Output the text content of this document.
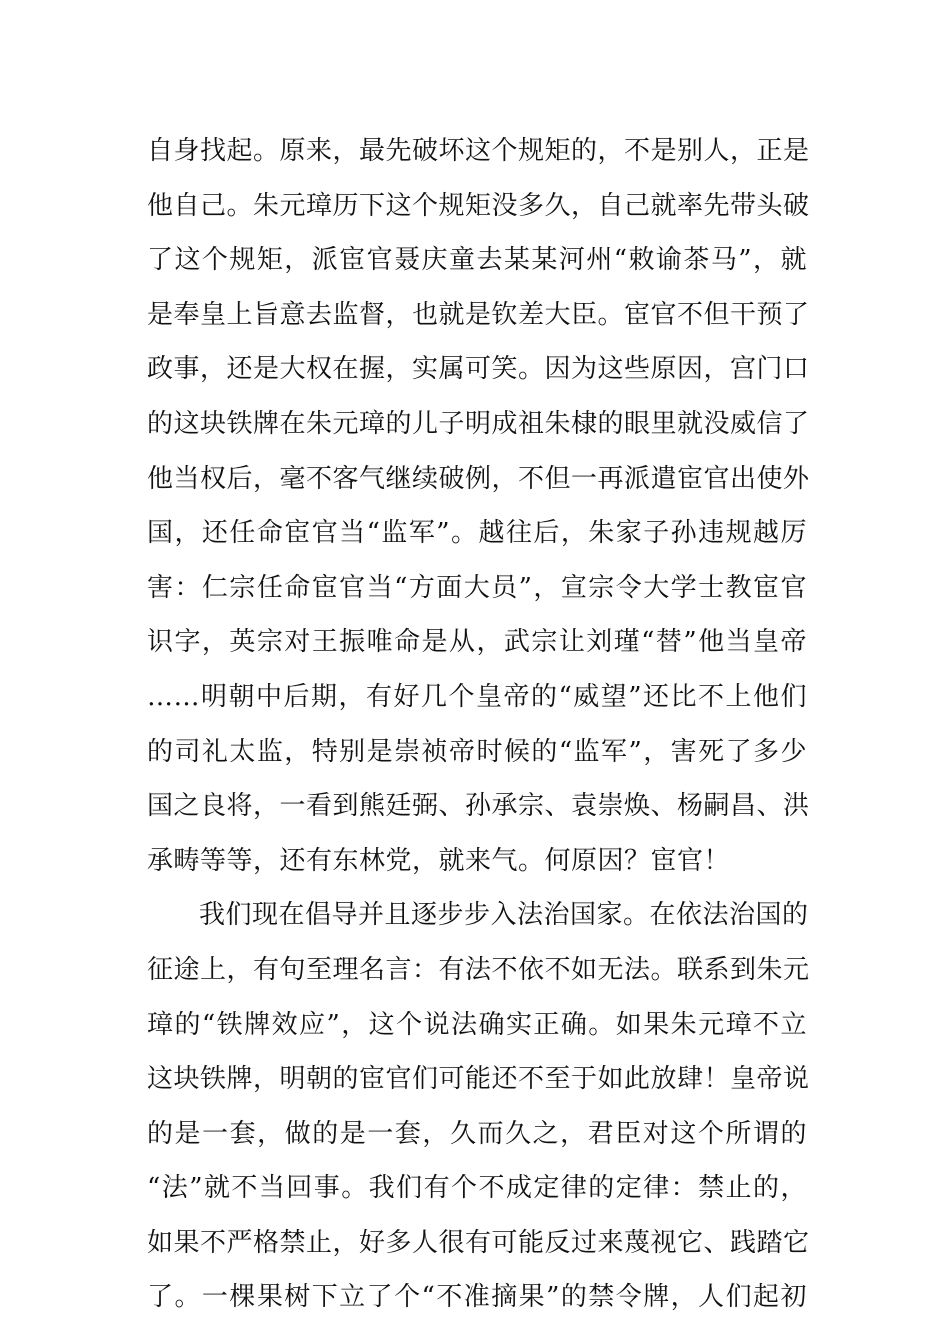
自身找起。原来，最先破坏这个规矩的，不是别人，正是
他自己。朱元璋历下这个规矩没多久，自己就率先带头破
了这个规矩，派宦官聂庆童去某某河州“敕谕茶马”，就
是奉皇上旨意去监督，也就是钦差大臣。宦官不但干预了
政事，还是大权在握，实属可笑。因为这些原因，宫门口
的这块铁牌在朱元璋的儿子明成祖朱棣的眼里就没威信了
他当权后，毫不客气继续破例，不但一再派遣宦官出使外
国，还任命宦官当“监军”。越往后，朱家子孙违规越厉
害：仁宗任命宦官当“方面大员”，宣宗令大学士教宦官
识字，英宗对王振唯命是从，武宗让刘瑾“替”他当皇帝
……明朝中后期，有好几个皇帝的“威望”还比不上他们
的司礼太监，特别是崇祯帝时候的“监军”，害死了多少
国之良将，一看到熊廷弼、孙承宗、袁崇焕、杨嗣昌、洪
承畴等等，还有东林党，就来气。何原因？宦官！
我们现在倡导并且逐步步入法治国家。在依法治国的
征途上，有句至理名言：有法不依不如无法。联系到朱元
璋的“铁牌效应”，这个说法确实正确。如果朱元璋不立
这块铁牌，明朝的宦官们可能还不至于如此放肆！皇帝说
的是一套，做的是一套，久而久之，君臣对这个所谓的
“法”就不当回事。我们有个不成定律的定律：禁止的，
如果不严格禁止，好多人很有可能反过来蔑视它、践踏它
了。一棵果树下立了个“不准摘果”的禁令牌，人们起初
